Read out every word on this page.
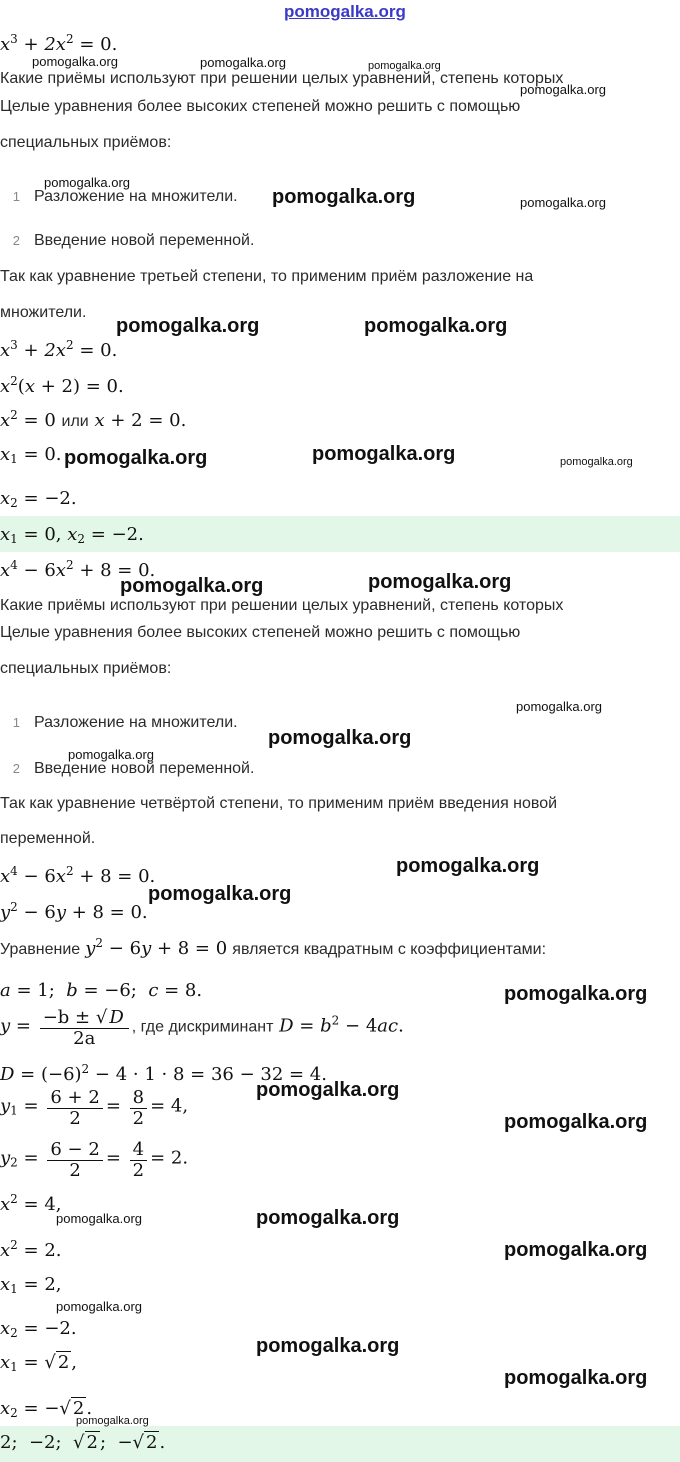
pomogalka.org
$x^3 + 2x^2 = 0$.
Какие приёмы используют при решении целых уравнений, степень которых
Целые уравнения более высоких степеней можно решить с помощью
специальных приёмов:
1 Разложение на множители.
2 Введение новой переменной.
Так как уравнение третьей степени, то применим приём разложение на
множители.
$x^3 + 2x^2 = 0$.
$x^2(x + 2) = 0$.
$x^2 = 0$ или x + 2 = 0.
$x_1 = 0$.
$x_2 = -2$.
$x_1 = 0$, $x_2 = -2$.
$x^4 - 6x^2 + 8 = 0$.
Какие приёмы используют при решении целых уравнений, степень которых
Целые уравнения более высоких степеней можно решить с помощью
специальных приёмов:
1 Разложение на множители.
2 Введение новой переменной.
Так как уравнение четвёртой степени, то применим приём введения новой
переменной.
$x^4 - 6x^2 + 8 = 0$.
$y^2 - 6y + 8 = 0$.
Уравнение $y^2 - 6y + 8 = 0$ является квадратным с коэффициентами:
a = 1;  b = −6;  c = 8.
$y = \frac{-b \pm √ D}{2a}$ , где дискриминант $D = b^2 - 4ac$.
$D = (-6)^2 - 4 \cdot 1 \cdot 8 = 36 - 32 = 4$.
$y_1 = \frac{6 + 2}{2} = \frac{8}{2} = 4$,
$y_2 = \frac{6 - 2}{2} = \frac{4}{2} = 2$.
$x^2 = 4$,
$x^2 = 2$.
$x_1 = 2$,
$x_2 = -2$.
$x_1$ = √ 2 ,
$x_2$ = −√ 2 .
2;  −2;  √ 2 ;  −√ 2 .
pomogalka.org	pomogalka.org	pomogalka.org
pomogalka.org
pomogalka.org
pomogalka.org	pomogalka.org
pomogalka.org	pomogalka.org
pomogalka.org	pomogalka.org	pomogalka.org
pomogalka.org	pomogalka.org
pomogalka.org
pomogalka.org
pomogalka.org
pomogalka.org
pomogalka.org
pomogalka.org
pomogalka.org
pomogalka.org
pomogalka.org	pomogalka.org
pomogalka.org
pomogalka.org
pomogalka.org
pomogalka.org
pomogalka.org
